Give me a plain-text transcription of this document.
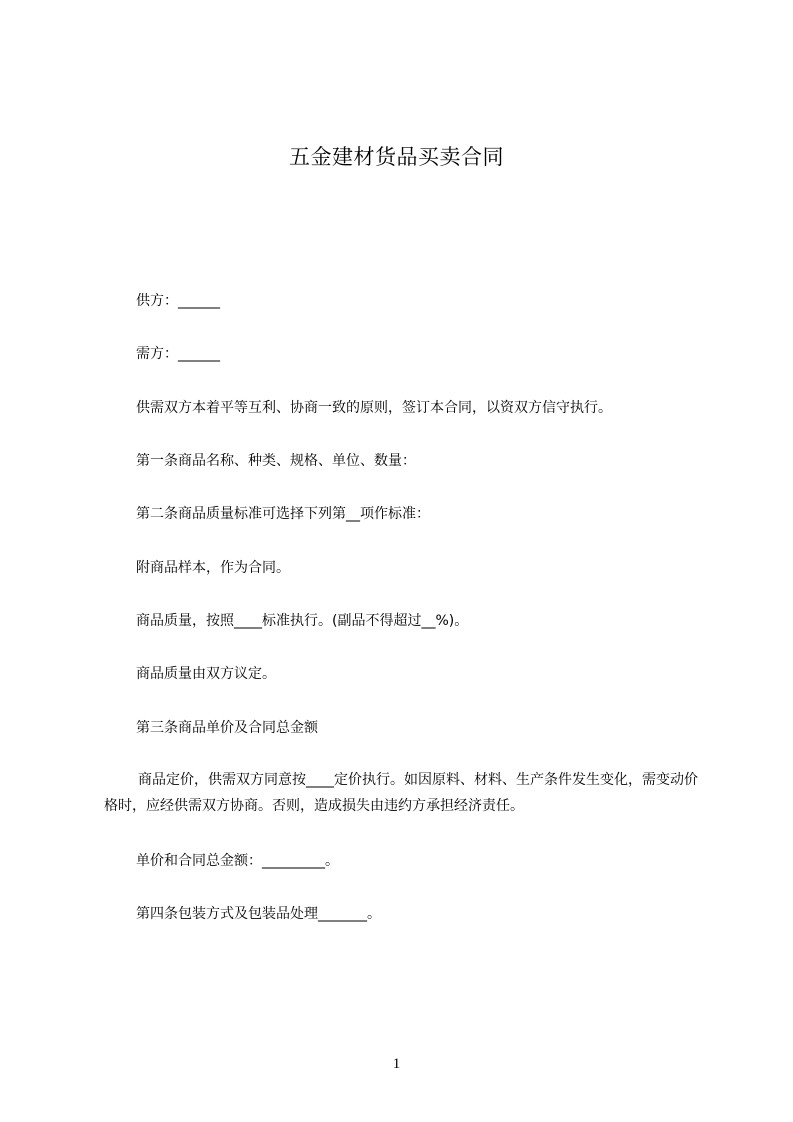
五金建材货品买卖合同
供方：______
需方：______
供需双方本着平等互利、协商一致的原则，签订本合同，以资双方信守执行。
第一条商品名称、种类、规格、单位、数量：
第二条商品质量标准可选择下列第__项作标准：
附商品样本，作为合同。
商品质量，按照____标准执行。(副品不得超过__%)。
商品质量由双方议定。
第三条商品单价及合同总金额
商品定价，供需双方同意按____定价执行。如因原料、材料、生产条件发生变化，需变动价格时，应经供需双方协商。否则，造成损失由违约方承担经济责任。
单价和合同总金额：_________。
第四条包装方式及包装品处理_______。
1
